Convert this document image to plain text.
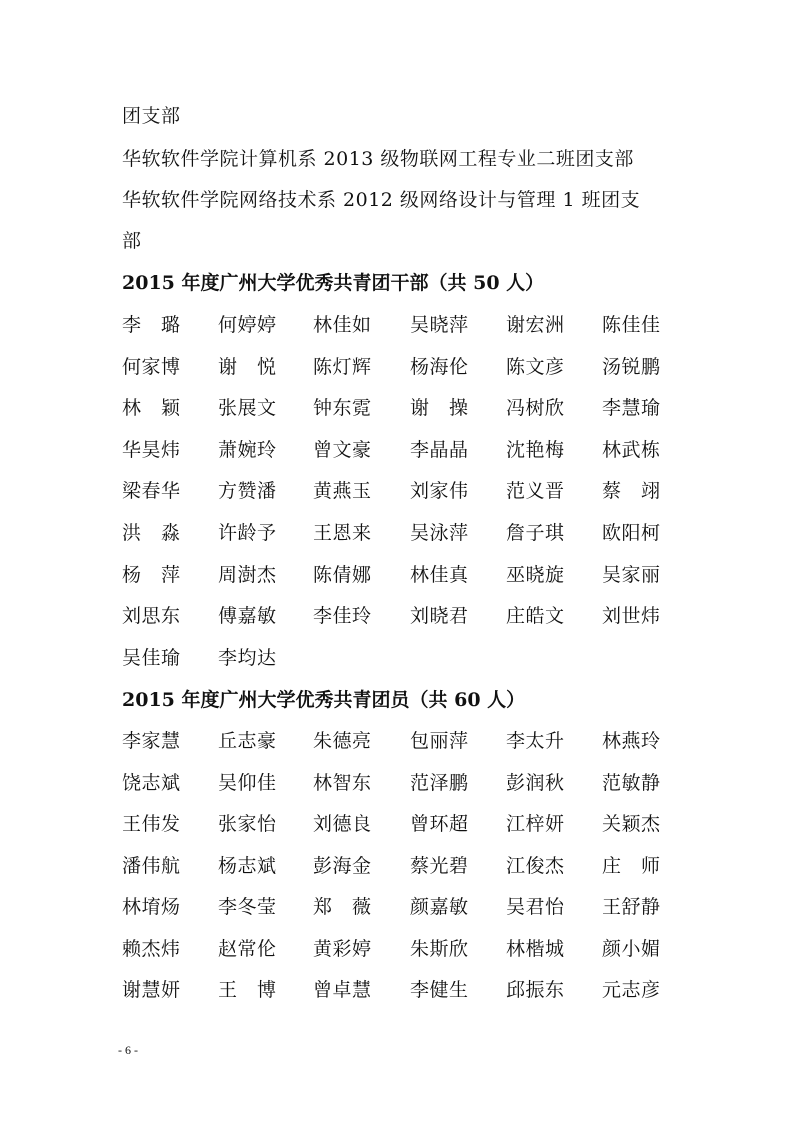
团支部
华软软件学院计算机系 2013 级物联网工程专业二班团支部
华软软件学院网络技术系 2012 级网络设计与管理 1 班团支
部
2015 年度广州大学优秀共青团干部（共 50 人）
李　璐 何婷婷 林佳如 吴晓萍 谢宏洲 陈佳佳
何家博 谢　悦 陈灯辉 杨海伦 陈文彦 汤锐鹏
林　颖 张展文 钟东霓 谢　操 冯树欣 李慧瑜
华昊炜 萧婉玲 曾文豪 李晶晶 沈艳梅 林武栋
梁春华 方赞潘 黄燕玉 刘家伟 范义晋 蔡　翊
洪　淼 许龄予 王恩来 吴泳萍 詹子琪 欧阳柯
杨　萍 周澍杰 陈倩娜 林佳真 巫晓旋 吴家丽
刘思东 傅嘉敏 李佳玲 刘晓君 庄皓文 刘世炜
吴佳瑜 李均达
2015 年度广州大学优秀共青团员（共 60 人）
李家慧 丘志豪 朱德亮 包丽萍 李太升 林燕玲
饶志斌 吴仰佳 林智东 范泽鹏 彭润秋 范敏静
王伟发 张家怡 刘德良 曾环超 江梓妍 关颖杰
潘伟航 杨志斌 彭海金 蔡光碧 江俊杰 庄　师
林堉炀 李冬莹 郑　薇 颜嘉敏 吴君怡 王舒静
赖杰炜 赵常伦 黄彩婷 朱斯欣 林楷城 颜小媚
谢慧妍 王　博 曾卓慧 李健生 邱振东 元志彦
- 6 -
